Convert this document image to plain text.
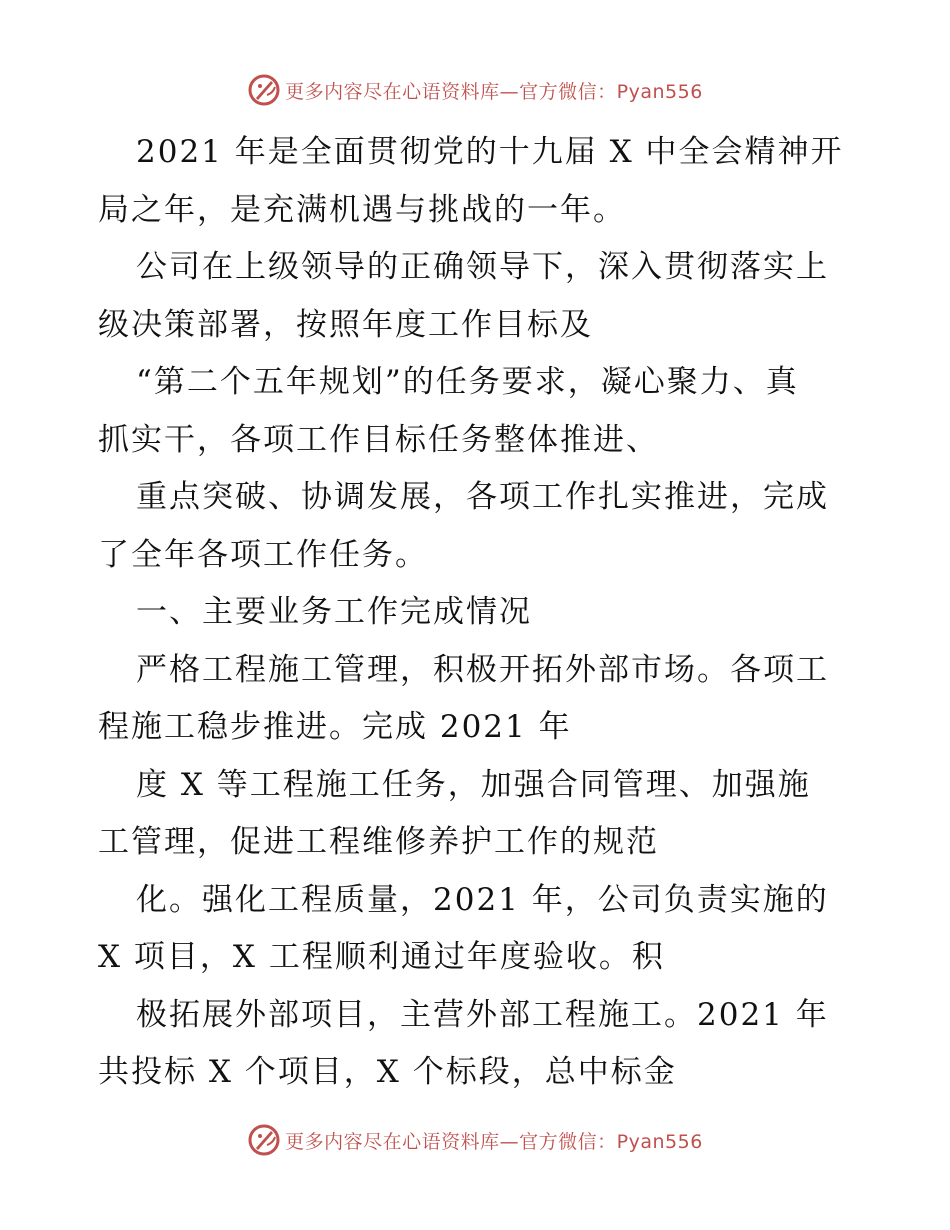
更多内容尽在心语资料库—官方微信：Pyan556
2021 年是全面贯彻党的十九届 X 中全会精神开
局之年，是充满机遇与挑战的一年。
公司在上级领导的正确领导下，深入贯彻落实上
级决策部署，按照年度工作目标及
“第二个五年规划”的任务要求，凝心聚力、真
抓实干，各项工作目标任务整体推进、
重点突破、协调发展，各项工作扎实推进，完成
了全年各项工作任务。
一、主要业务工作完成情况
严格工程施工管理，积极开拓外部市场。各项工
程施工稳步推进。完成 2021 年
度 X 等工程施工任务，加强合同管理、加强施
工管理，促进工程维修养护工作的规范
化。强化工程质量，2021 年，公司负责实施的
X 项目，X 工程顺利通过年度验收。积
极拓展外部项目，主营外部工程施工。2021 年
共投标 X 个项目，X 个标段，总中标金
更多内容尽在心语资料库—官方微信：Pyan556
